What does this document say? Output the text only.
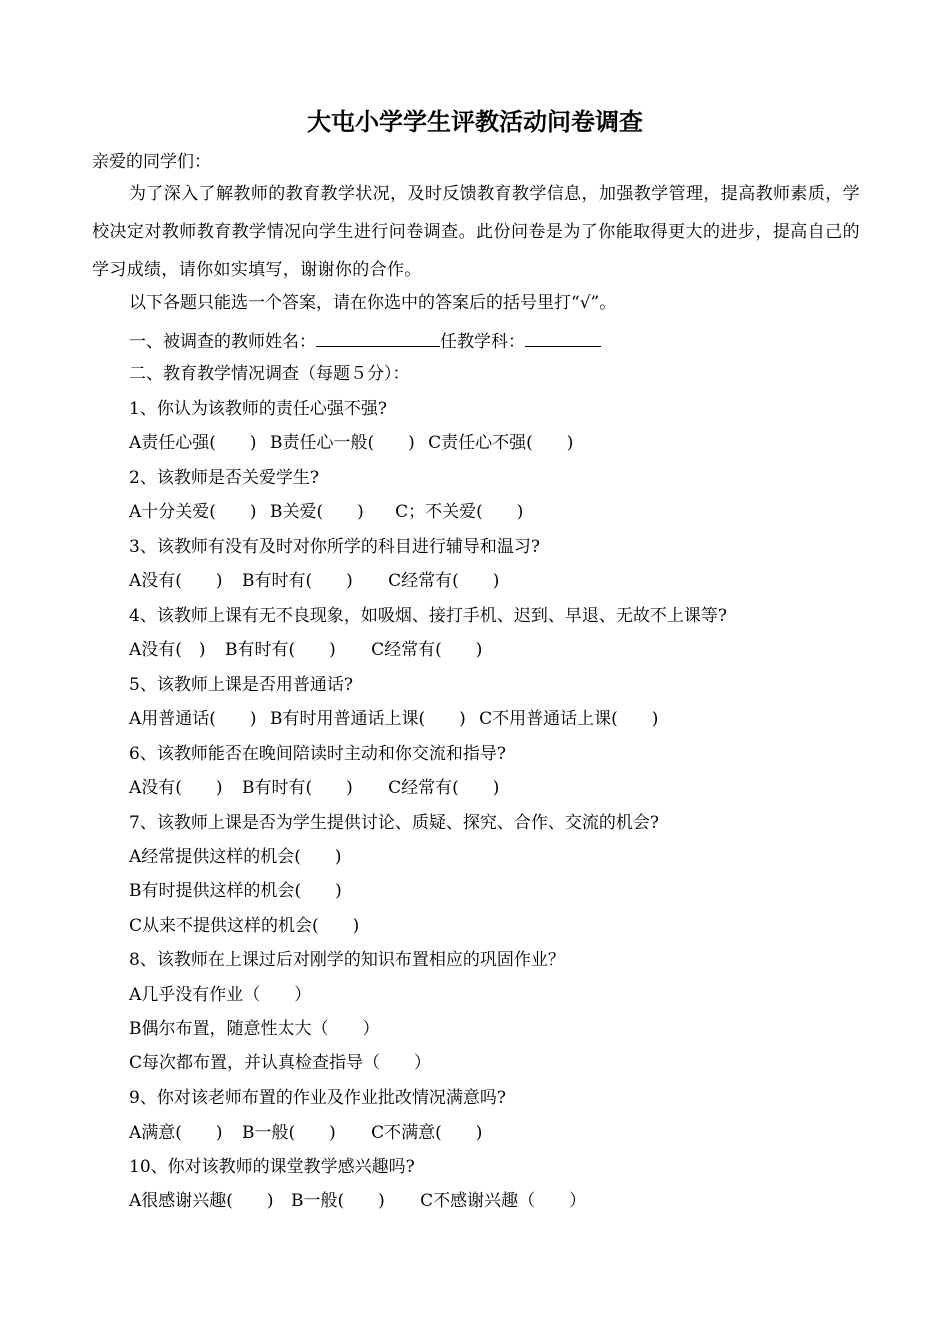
大屯小学学生评教活动问卷调查
亲爱的同学们：
为了深入了解教师的教育教学状况，及时反馈教育教学信息，加强教学管理，提高教师素质，学校决定对教师教育教学情况向学生进行问卷调查。此份问卷是为了你能取得更大的进步，提高自己的学习成绩，请你如实填写，谢谢你的合作。
以下各题只能选一个答案，请在你选中的答案后的括号里打“√”。
一、被调查的教师姓名：	任教学科：
二、教育教学情况调查（每题５分）：
1、你认为该教师的责任心强不强?
A责任心强(　　) B责任心一般(　　) C责任心不强(　　)
2、该教师是否关爱学生?
A十分关爱(　　) B关爱(　　) C；不关爱(　　)
3、该教师有没有及时对你所学的科目进行辅导和温习?
A没有(　　) B有时有(　　) C经常有(　　)
4、该教师上课有无不良现象，如吸烟、接打手机、迟到、早退、无故不上课等?
A没有(　) B有时有(　　) C经常有(　　)
5、该教师上课是否用普通话?
A用普通话(　　) B有时用普通话上课(　　) C不用普通话上课(　　)
6、该教师能否在晚间陪读时主动和你交流和指导?
A没有(　　) B有时有(　　) C经常有(　　)
7、该教师上课是否为学生提供讨论、质疑、探究、合作、交流的机会?
A经常提供这样的机会(　　)
B有时提供这样的机会(　　)
C从来不提供这样的机会(　　)
8、该教师在上课过后对刚学的知识布置相应的巩固作业？
A几乎没有作业（　　）
B偶尔布置，随意性太大（　　）
C每次都布置，并认真检查指导（　　）
9、你对该老师布置的作业及作业批改情况满意吗?
A满意(　　) B一般(　　) C不满意(　　)
10、你对该教师的课堂教学感兴趣吗?
A很感谢兴趣(　　) B一般(　　) C不感谢兴趣（　　）
